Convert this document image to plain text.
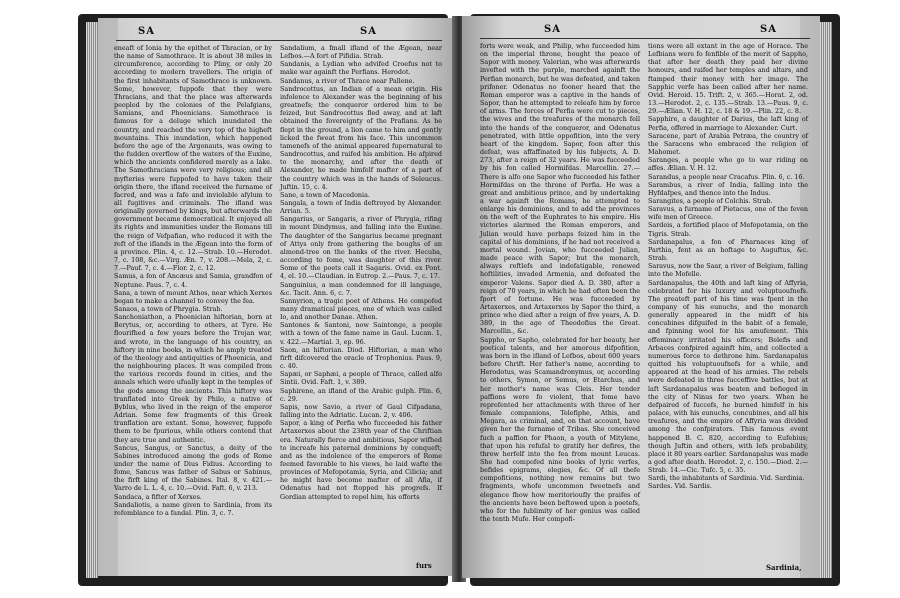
SA	SA
eneaft of Ionia by the epithet of Thracian, or by the name of Samothrace. It is about 38 miles in circumference, according to Pliny, or only 20 according to modern travellers. The origin of the first inhabitants of Samothrace is unknown. Some, however, fuppofe that they were Thracians, and that the place was afterwards peopled by the colonies of the Pelafgians, Samians, and Phoenicians. Samothrace is famous for a deluge which inundated the country, and reached the very top of the higheft mountains. This inundation, which happened before the age of the Argonauts, was owing to the fudden overflow of the waters of the Euxine, which the ancients confidered merely as a lake. The Samothracians were very religious; and all myfteries were fuppofed to have taken their origin there, the ifland received the furname of facred, and was a fafe and inviolable afylum to all fugitives and criminals. The ifland was originally governed by kings, but afterwards the government became democratical. It enjoyed all its rights and immunities under the Romans till the reign of Vefpafian, who reduced it with the reft of the iflands in the Ægean into the form of a province. Plin. 4, c. 12.—Strab. 10.—Herodot. 7, c. 108, &c.—Virg. Æn. 7, v. 208.—Mela, 2, c. 7.—Pauf. 7, c. 4.—Flor. 2, c. 12.
Samus, a fon of Ancæus and Samia, grandfon of Neptune. Paus. 7, c. 4.
Sana, a town of mount Athos, near which Xerxes began to make a channel to convey the fea.
Sanaos, a town of Phrygia. Strab.
Sanchoniathon, a Phoenician hiftorian, born at Berytus, or, according to others, at Tyre. He flourifhed a few years before the Trojan war, and wrote, in the language of his country, an hiftory in nine books, in which he amply treated of the theology and antiquities of Phoenicia, and the neighbouring places. It was compiled from the various records found in cities, and the annals which were ufually kept in the temples of the gods among the ancients. This hiftory was tranflated into Greek by Philo, a native of Byblus, who lived in the reign of the emperor Adrian. Some few fragments of this Greek tranflation are extant. Some, however, fuppofe them to be fpurious, while others contend that they are true and authentic.
Sancus, Sangus, or Sanctus, a deity of the Sabines introduced among the gods of Rome under the name of Dius Fidius. According to fome, Sancus was father of Sabus or Sabinus, the firft king of the Sabines. Ital. 8, v. 421.—Varro de L. L. 4, c. 10.—Ovid. Faft. 6, v. 213.
Sandaca, a fifter of Xerxes.
Sandaliotis, a name given to Sardinia, from its refemblance to a fandal. Plin. 3, c. 7.
Sandalium, a fmall ifland of the Ægean, near Lefbos.—A fort of Pifidia. Strab.
Sandanis, a Lydian who advifed Croefus not to make war againft the Perfians. Herodot.
Sandanus, a river of Thrace near Pallene.
Sandrocottus, an Indian of a mean origin. His infolence to Alexander was the beginning of his greatnefs; the conqueror ordered him to be feized, but Sandrocottus fled away, and at laft obtained the fovereignty of the Prafians. As he flept in the ground, a lion came to him and gently licked the fweat from his face. This uncommon tamenefs of the animal appeared fupernatural to Sandrocottus, and raifed his ambition. He afpired to the monarchy, and after the death of Alexander, he made himfelf mafter of a part of the country which was in the hands of Seleucus. Juftin. 15, c. 4.
Sane, a town of Macedonia.
Sangala, a town of India deftroyed by Alexander. Arrian. 5.
Sangarius, or Sangaris, a river of Phrygia, rifing in mount Dindymus, and falling into the Euxine. The daughter of the Sangarius became pregnant of Attys only from gathering the boughs of an almond-tree on the banks of the river. Hecuba, according to fome, was daughter of this river. Some of the poets call it Sagaris. Ovid. ex Pont. 4, el. 10.—Claudian. in Eutrop. 2.—Paus. 7, c. 17.
Sanguinius, a man condemned for ill language, &c. Tacit. Ann. 6, c. 7.
Sannyrion, a tragic poet of Athens. He compofed many dramatical pieces, one of which was called Io, and another Danae. Athen.
Santones & Santoni, now Saintonge, a people with a town of the fame name in Gaul. Lucan. 1, v. 422.—Martial. 3, ep. 96.
Saon, an hiftorian. Diod. Hiftorian, a man who firft difcovered the oracle of Trophonius. Paus. 9, c. 40.
Sapæi, or Saphæi, a people of Thrace, called alfo Sintii. Ovid. Faft. 1, v. 389.
Saphirene, an ifland of the Arabic gulph. Plin. 6, c. 29.
Sapis, now Savio, a river of Gaul Cifpadana, falling into the Adriatic. Lucan. 2, v. 406.
Sapor, a king of Perfia who fucceeded his father Artaxerxes about the 238th year of the Chriftian era. Naturally fierce and ambitious, Sapor wifhed to increafe his paternal dominions by conqueft; and as the indolence of the emperors of Rome feemed favorable to his views, he laid wafte the provinces of Mefopotamia, Syria, and Cilicia; and he might have become mafter of all Afia, if Odenatus had not ftopped his progrefs. If Gordian attempted to repel him, his efforts
furs
SA	SA
forts were weak, and Philip, who fucceeded him on the imperial throne, bought the peace of Sapor with money. Valerian, who was afterwards invefted with the purple, marched againft the Perfian monarch, but he was defeated, and taken prifoner. Odenatus no fooner heard that the Roman emperor was a captive in the hands of Sapor, than he attempted to releafe him by force of arms. The forces of Perfia were cut to pieces, the wives and the treafures of the monarch fell into the hands of the conqueror, and Odenatus penetrated, with little oppofition, into the very heart of the kingdom. Sapor, foon after this defeat, was affaffinated by his fubjects, A. D. 273, after a reign of 32 years. He was fucceeded by his fon called Hormifdas. Marcellin. 27.—There is alfo one Sapor who fucceeded his father Hormifdas on the throne of Perfia. He was a great and ambitious prince, and by undertaking a war againft the Romans, he attempted to enlarge his dominions, and to add the provinces on the weft of the Euphrates to his empire. His victories alarmed the Roman emperors, and Julian would have perhaps feized him in the capital of his dominions, if he had not received a mortal wound. Jovian, who fucceeded Julian, made peace with Sapor; but the monarch, always reftlefs and indefatigable, renewed hoftilities, invaded Armenia, and defeated the emperor Valens. Sapor died A. D. 380, after a reign of 70 years, in which he had often been the fport of fortune. He was fucceeded by Artaxerxes, and Artaxerxes by Sapor the third, a prince who died after a reign of five years, A. D. 389, in the age of Theodofius the Great. Marcellin., &c.
Sappho, or Sapho, celebrated for her beauty, her poetical talents, and her amorous difpofition, was born in the ifland of Lefbos, about 600 years before Chrift. Her father's name, according to Herodotus, was Scamandronymus, or, according to others, Symon, or Semus, or Etarchus, and her mother's name was Cleis. Her tender paffions were fo violent, that fome have reprefented her attachments with three of her female companions, Telefiphe, Athis, and Megara, as criminal, and, on that account, have given her the furname of Tribas. She conceived fuch a paffion for Phaon, a youth of Mitylene, that upon his refufal to gratify her defires, the threw herfelf into the fea from mount Leucas. She had compofed nine books of lyric verfes, befides epigrams, elegies, &c. Of all thefe compofitions, nothing now remains but two fragments, whofe uncommon fweetnefs and elegance fhow how meritorioufly the praifes of the ancients have been beftowed upon a poetefs, who for the fublimity of her genius was called the tenth Mufe. Her compofi-
tions were all extant in the age of Horace. The Lefbians were fo fenfible of the merit of Sappho, that after her death they paid her divine honours, and raifed her temples and altars, and ftamped their money with her image. The Sapphic verfe has been called after her name. Ovid. Heroid. 15. Trift. 2, v. 365.—Horat. 2, od. 13.—Herodot. 2, c. 135.—Strab. 13.—Paus. 9, c. 29.—Ælian. V. H. 12, c. 18 & 19.—Plin. 22, c. 8.
Sapphire, a daughter of Darius, the laft king of Perfia, offered in marriage to Alexander. Curt.
Saracene, part of Arabia Petræa, the country of the Saracens who embraced the religion of Mahomet.
Saranges, a people who go to war riding on affes. Ælian. V. H. 12.
Sarandus, a people near Cracafus. Plin. 6, c. 16.
Sarambus, a river of India, falling into the Hyfdafpes, and thence into the Indus.
Sarangites, a people of Colchis. Strab.
Saravus, a furname of Pietacus, one of the feven wife men of Greece.
Sardeis, a fortified place of Mefopotamia, on the Tigris. Strab.
Sardanapalus, a fon of Pharnaces king of Parthia, fent as an hoftage to Auguftus, &c. Strab.
Saravus, now the Saar, a river of Belgium, falling into the Mofelle.
Sardanapalus, the 40th and laft king of Affyria, celebrated for his luxury and voluptuoufnefs. The greateft part of his time was fpent in the company of his eunuchs, and the monarch generally appeared in the midft of his concubines difguifed in the habit of a female, and fpinning wool for his amufement. This effeminacy irritated his officers; Belefis and Arbaces confpired againft him, and collected a numerous force to dethrone him. Sardanapalus quitted his voluptuoufnefs for a while, and appeared at the head of his armies. The rebels were defeated in three fucceffive battles, but at laft Sardanapalus was beaten and befieged in the city of Ninus for two years. When he defpaired of fuccefs, he burned himfelf in his palace, with his eunuchs, concubines, and all his treafures, and the empire of Affyria was divided among the confpirators. This famous event happened B. C. 820, according to Eufebius; though Juftin and others, with lefs probability, place it 80 years earlier. Sardanapalus was made a god after death. Herodot. 2, c. 150.—Diod. 2.—Strab. 14.—Cic. Tufc. 5, c. 35.
Sardi, the inhabitants of Sardinia. Vid. Sardinia.
Sardes. Vid. Sardis.
Sardinia,
